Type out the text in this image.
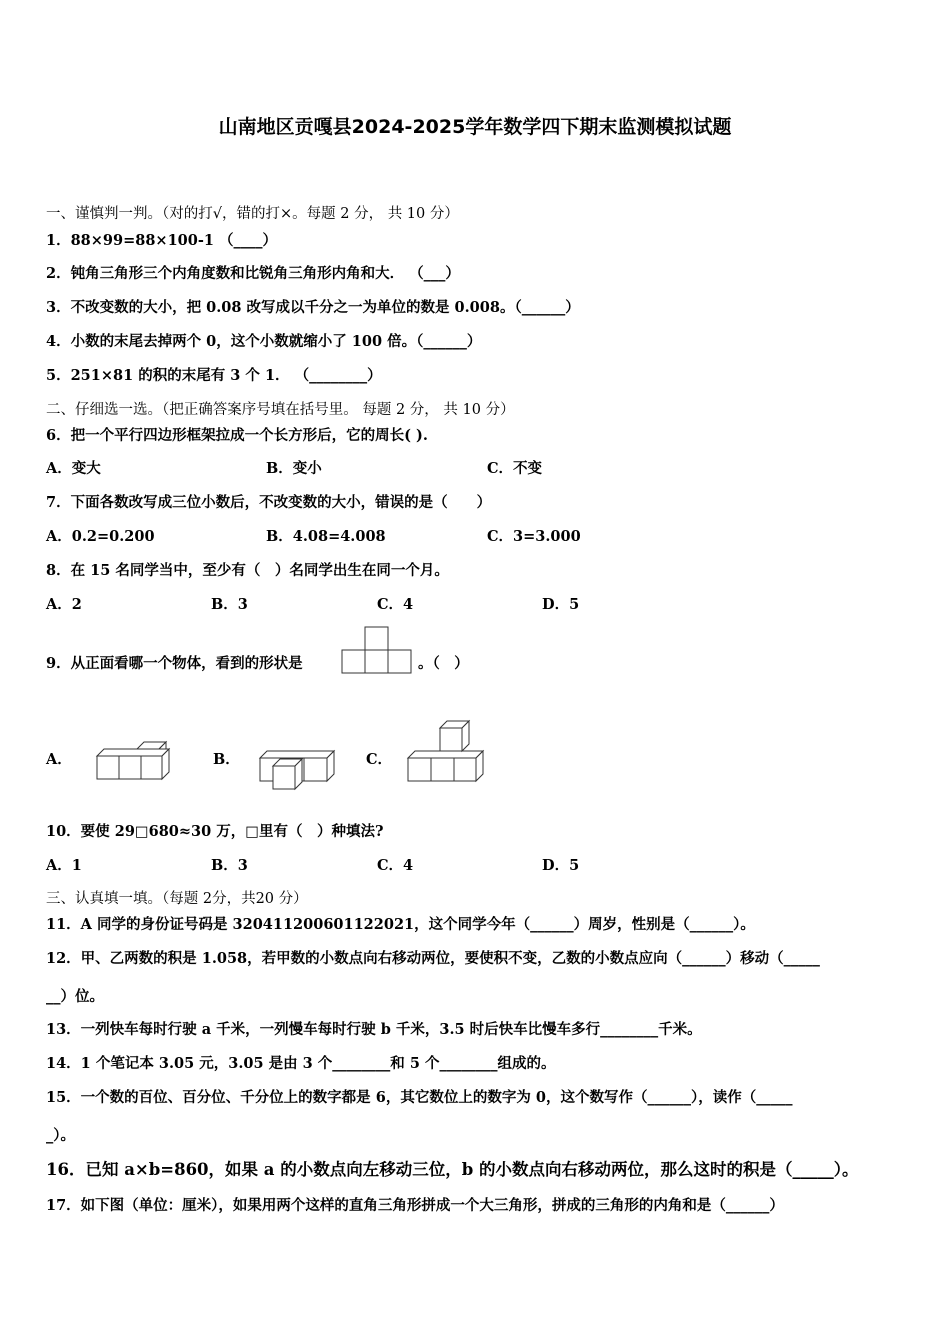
山南地区贡嘎县2024-2025学年数学四下期末监测模拟试题
一、谨慎判一判。（对的打√，错的打×。每题 2 分， 共 10 分）
1．88×99=88×100-1 （____）
2．钝角三角形三个内角度数和比锐角三角形内角和大． （___）
3．不改变数的大小，把 0.08 改写成以千分之一为单位的数是 0.008。（______）
4．小数的末尾去掉两个 0，这个小数就缩小了 100 倍。（______）
5．251×81 的积的末尾有 3 个 1． （________）
二、仔细选一选。（把正确答案序号填在括号里。 每题 2 分， 共 10 分）
6．把一个平行四边形框架拉成一个长方形后，它的周长( ).
A．变大	B．变小	C．不变
7．下面各数改写成三位小数后，不改变数的大小，错误的是（　　）
A．0.2=0.200	B．4.08=4.008	C．3=3.000
8．在 15 名同学当中，至少有（　）名同学出生在同一个月。
A．2	B．3	C．4	D．5
9．从正面看哪一个物体，看到的形状是	。（　）
A．	B．	C．
10．要使 29□680≈30 万，□里有（　）种填法?
A．1	B．3	C．4	D．5
三、认真填一填。（每题 2分，共20 分）
11．A 同学的身份证号码是 320411200601122021，这个同学今年（______）周岁，性别是（______）。
12．甲、乙两数的积是 1.058，若甲数的小数点向右移动两位，要使积不变，乙数的小数点应向（______）移动（_____
__）位。
13．一列快车每时行驶 a 千米，一列慢车每时行驶 b 千米，3.5 时后快车比慢车多行________千米。
14．1 个笔记本 3.05 元，3.05 是由 3 个________和 5 个________组成的。
15．一个数的百位、百分位、千分位上的数字都是 6，其它数位上的数字为 0，这个数写作（______），读作（_____
_）。
16．已知 a×b=860，如果 a 的小数点向左移动三位，b 的小数点向右移动两位，那么这时的积是（_____）。
17．如下图（单位：厘米），如果用两个这样的直角三角形拼成一个大三角形，拼成的三角形的内角和是（______）
